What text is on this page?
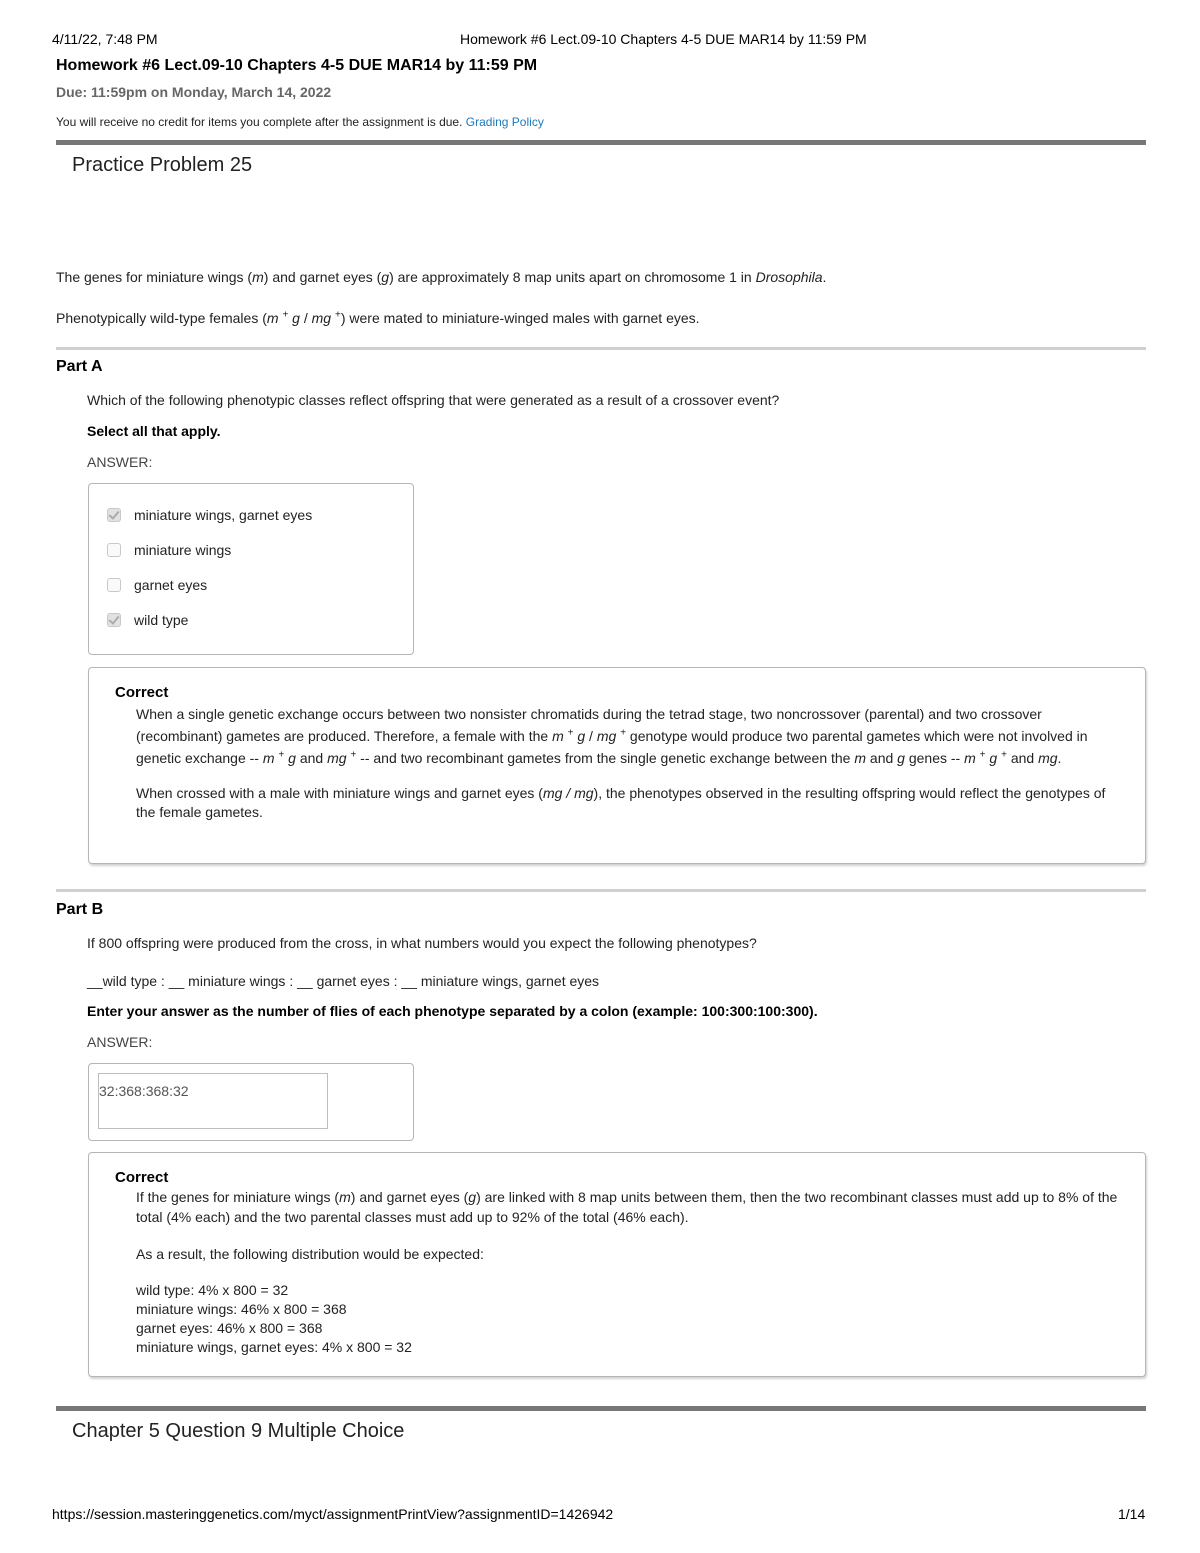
4/11/22, 7:48 PM	Homework #6 Lect.09-10 Chapters 4-5 DUE MAR14 by 11:59 PM
Homework #6 Lect.09-10 Chapters 4-5 DUE MAR14 by 11:59 PM
Due: 11:59pm on Monday, March 14, 2022
You will receive no credit for items you complete after the assignment is due. Grading Policy
Practice Problem 25
The genes for miniature wings (m) and garnet eyes (g) are approximately 8 map units apart on chromosome 1 in Drosophila.
Phenotypically wild-type females (m + g / mg +) were mated to miniature-winged males with garnet eyes.
Part A
Which of the following phenotypic classes reflect offspring that were generated as a result of a crossover event?
Select all that apply.
ANSWER:
miniature wings, garnet eyes
miniature wings
garnet eyes
wild type
Correct

When a single genetic exchange occurs between two nonsister chromatids during the tetrad stage, two noncrossover (parental) and two crossover (recombinant) gametes are produced. Therefore, a female with the m + g / mg + genotype would produce two parental gametes which were not involved in genetic exchange -- m + g and mg + -- and two recombinant gametes from the single genetic exchange between the m and g genes -- m + g + and mg.

When crossed with a male with miniature wings and garnet eyes (mg / mg), the phenotypes observed in the resulting offspring would reflect the genotypes of the female gametes.

Part B
If 800 offspring were produced from the cross, in what numbers would you expect the following phenotypes?
__wild type : __ miniature wings : __ garnet eyes : __ miniature wings, garnet eyes
Enter your answer as the number of flies of each phenotype separated by a colon (example: 100:300:100:300).
ANSWER:
32:368:368:32
Correct

If the genes for miniature wings (m) and garnet eyes (g) are linked with 8 map units between them, then the two recombinant classes must add up to 8% of the total (4% each) and the two parental classes must add up to 92% of the total (46% each).

As a result, the following distribution would be expected:

wild type: 4% x 800 = 32

miniature wings: 46% x 800 = 368

garnet eyes: 46% x 800 = 368

miniature wings, garnet eyes: 4% x 800 = 32

Chapter 5 Question 9 Multiple Choice
https://session.masteringgenetics.com/myct/assignmentPrintView?assignmentID=1426942	1/14
